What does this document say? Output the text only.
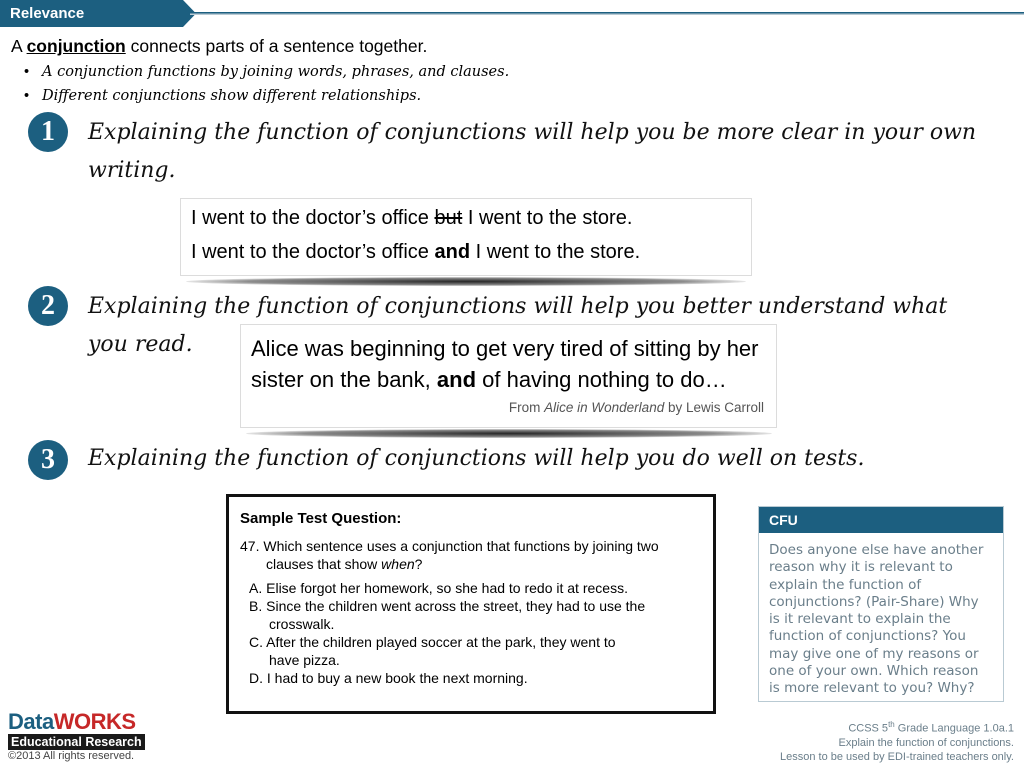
Relevance
A conjunction connects parts of a sentence together.
• A conjunction functions by joining words, phrases, and clauses.
• Different conjunctions show different relationships.
1	Explaining the function of conjunctions will help you be more clear in your own writing.
I went to the doctor’s office but I went to the store.
I went to the doctor’s office and I went to the store.
2	Explaining the function of conjunctions will help you better understand what you read.	Alice was beginning to get very tired of sitting by her sister on the bank, and of having nothing to do…
From Alice in Wonderland by Lewis Carroll
3	Explaining the function of conjunctions will help you do well on tests.
Sample Test Question:
47. Which sentence uses a conjunction that functions by joining two
clauses that show when?
A. Elise forgot her homework, so she had to redo it at recess.
B. Since the children went across the street, they had to use the
crosswalk.
C. After the children played soccer at the park, they went to
have pizza.
D. I had to buy a new book the next morning.
CFU
Does anyone else have another
reason why it is relevant to
explain the function of
conjunctions? (Pair-Share) Why
is it relevant to explain the
function of conjunctions? You
may give one of my reasons or
one of your own. Which reason
is more relevant to you? Why?
DataWORKS
Educational Research
©2013 All rights reserved.
CCSS 5th Grade Language 1.0a.1
Explain the function of conjunctions.
Lesson to be used by EDI-trained teachers only.
